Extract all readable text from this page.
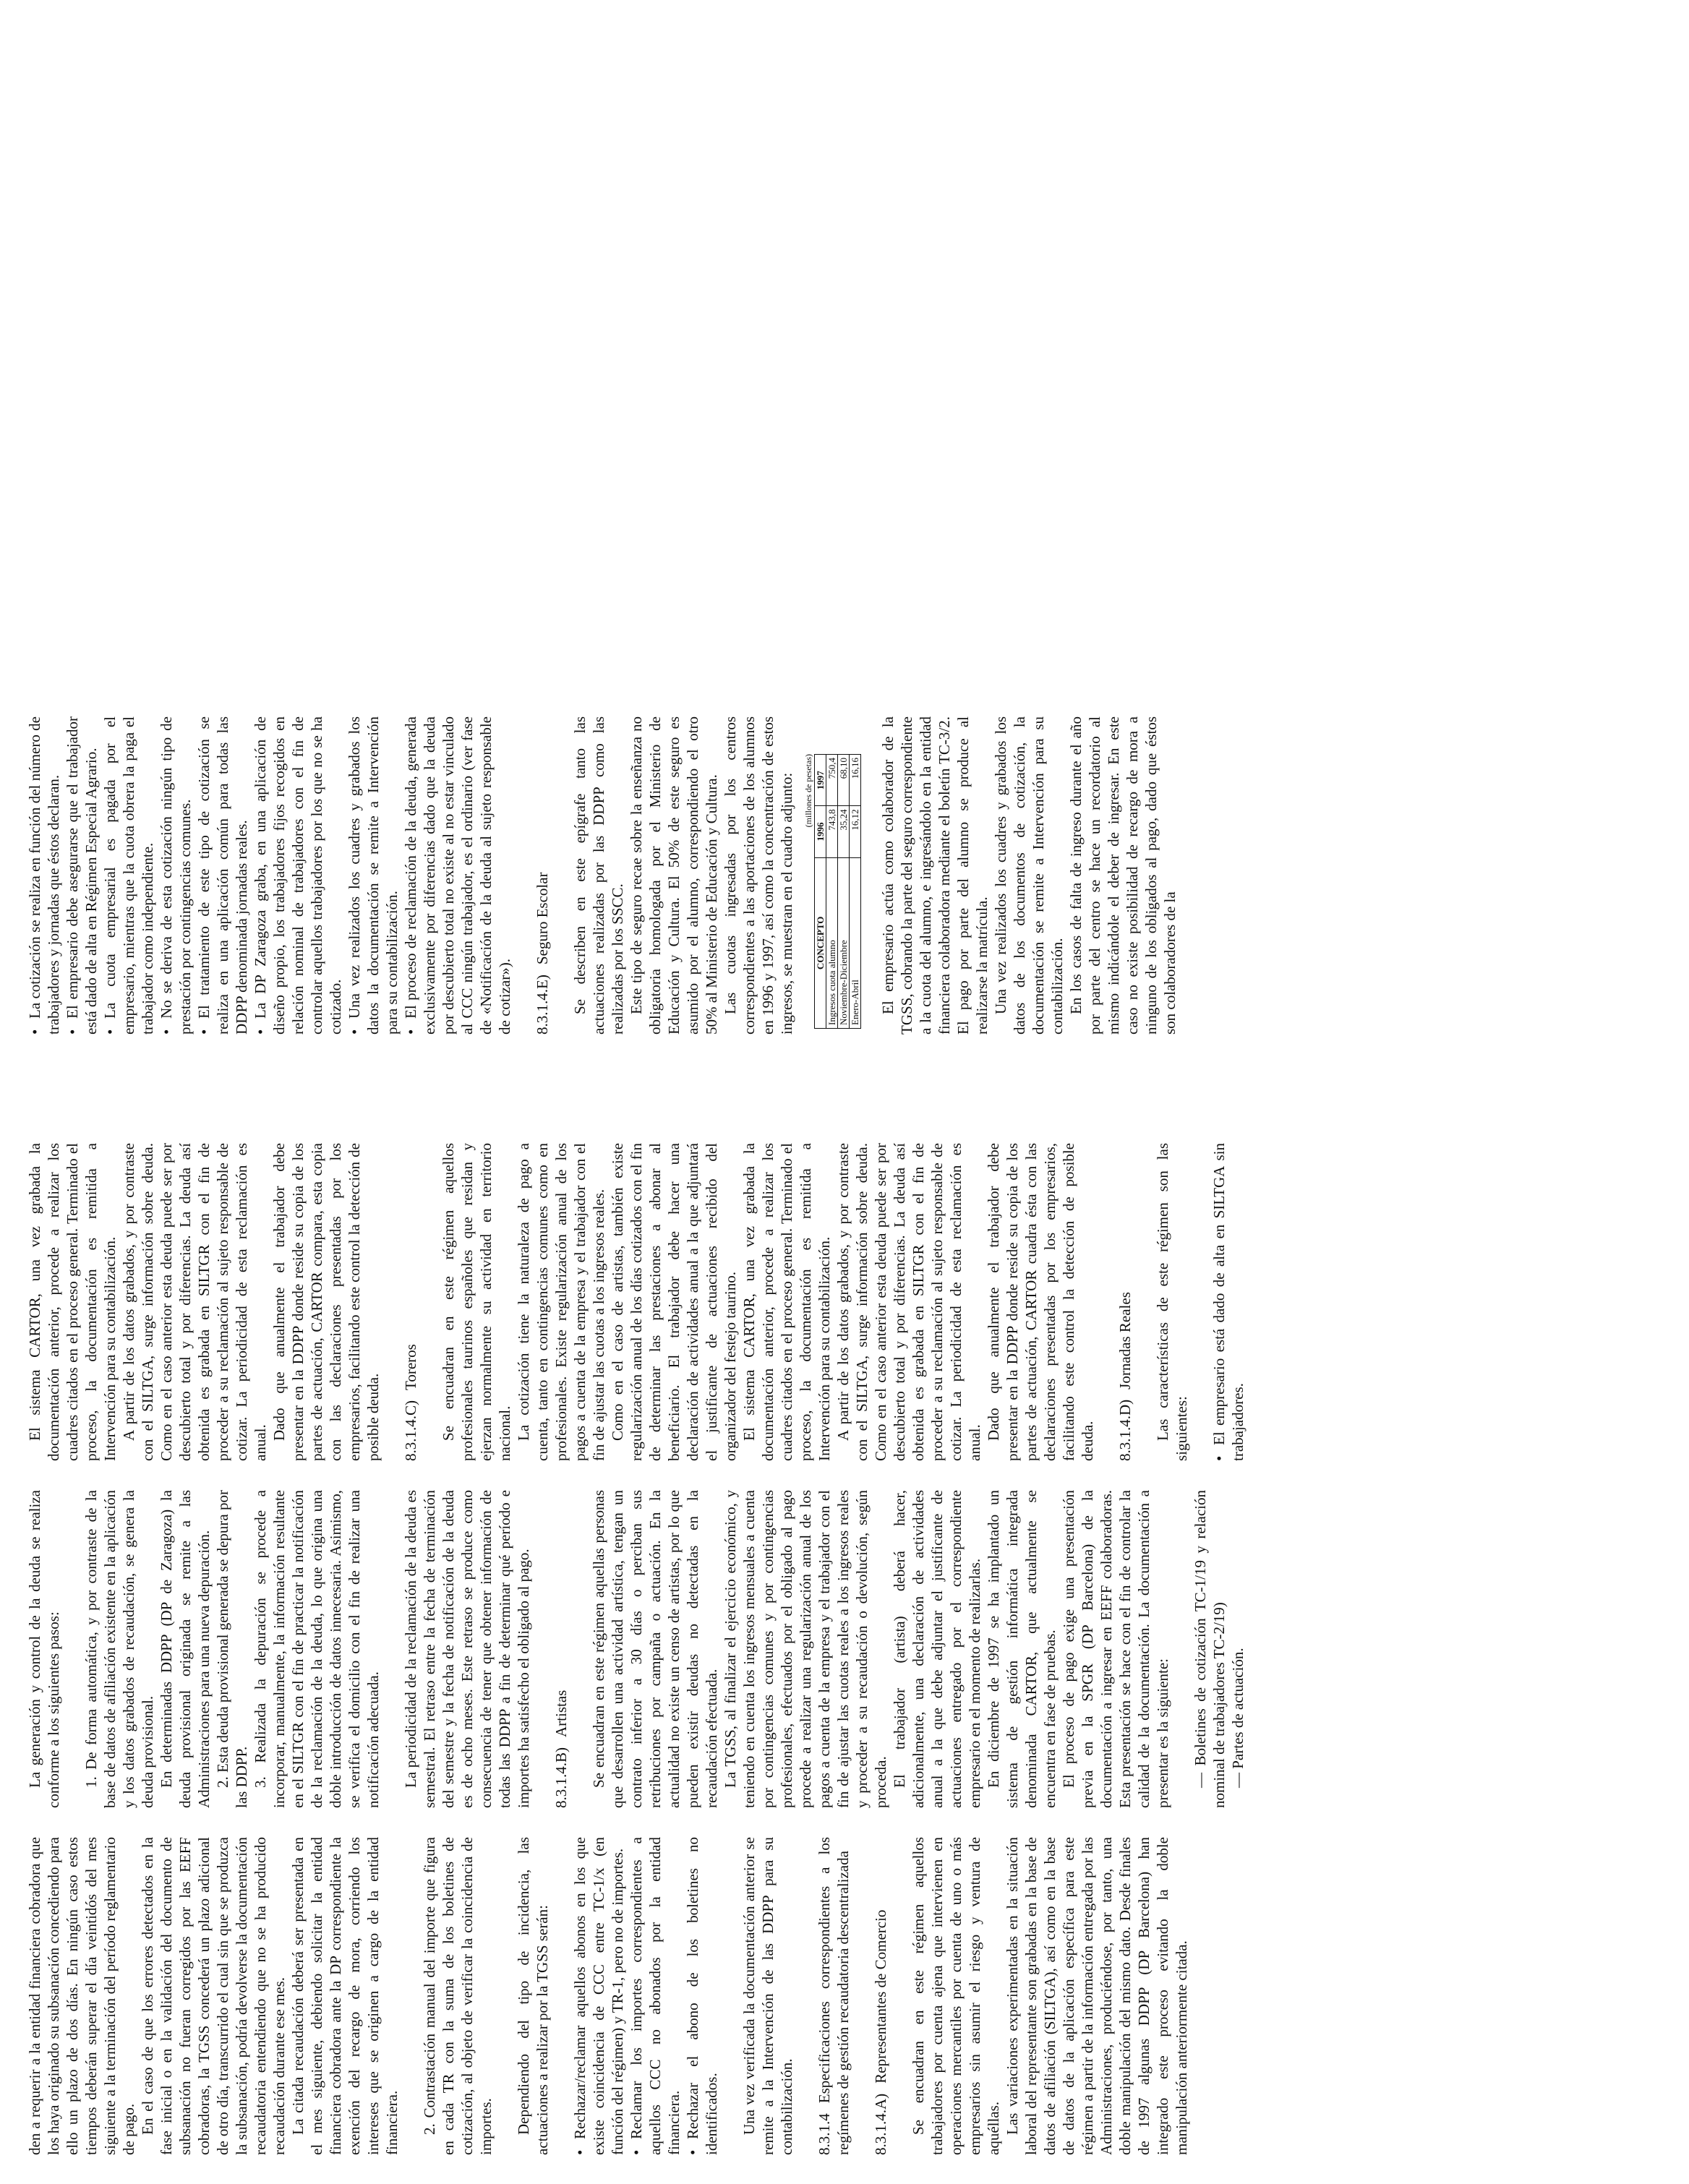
den a requerir a la entidad financiera cobradora que los haya originado su subsanación concediendo para ello un plazo de dos días. En ningún caso estos tiempos deberán superar el día veintidós del mes siguiente a la terminación del período reglamentario de pago. En el caso de que los errores detectados en la fase inicial o en la validación del documento de subsanación no fueran corregidos por las EEFF cobradoras, la TGSS concederá un plazo adicional de otro día, transcurrido el cual sin que se produzca la subsanación, podría devolverse la documentación recaudatoria entendiendo que no se ha producido recaudación durante ese mes. La citada recaudación deberá ser presentada en el mes siguiente, debiendo solicitar la entidad financiera cobradora ante la DP correspondiente la exención del recargo de mora, corriendo los intereses que se originen a cargo de la entidad financiera. 2. Contrastación manual del importe que figura en cada TR con la suma de los boletines de cotización, al objeto de verificar la coincidencia de importes. Dependiendo del tipo de incidencia, las actuaciones a realizar por la TGSS serán: •Rechazar/reclamar aquellos abonos en los que existe coincidencia de CCC entre TC-1/x (en función del régimen) y TR-1, pero no de importes. •Reclamar los importes correspondientes a aquellos CCC no abonados por la entidad financiera. •Rechazar el abono de los boletines no identificados. Una vez verificada la documentación anterior se remite a la Intervención de las DDPP para su contabilización. 8.3.1.4Especificaciones correspondientes a los regímenes de gestión recaudatoria descentralizada 8.3.1.4.A)Representantes de Comercio Se encuadran en este régimen aquellos trabajadores por cuenta ajena que intervienen en operaciones mercantiles por cuenta de uno o más empresarios sin asumir el riesgo y ventura de aquéllas. Las variaciones experimentadas en la situación laboral del representante son grabadas en la base de datos de afiliación (SILTGA), así como en la base de datos de la aplicación específica para este régimen a partir de la información entregada por las Administraciones, produciéndose, por tanto, una doble manipulación del mismo dato. Desde finales de 1997 algunas DDPP (DP Barcelona) han integrado este proceso evitando la doble manipulación anteriormente citada.

La generación y control de la deuda se realiza conforme a los siguientes pasos: 1. De forma automática, y por contraste de la base de datos de afiliación existente en la aplicación y los datos grabados de recaudación, se genera la deuda provisional. En determinadas DDPP (DP de Zaragoza) la deuda provisional originada se remite a las Administraciones para una nueva depuración. 2. Esta deuda provisional generada se depura por las DDPP. 3. Realizada la depuración se procede a incorporar, manualmente, la información resultante en el SILTGR con el fin de practicar la notificación de la reclamación de la deuda, lo que origina una doble introducción de datos innecesaria. Asimismo, se verifica el domicilio con el fin de realizar una notificación adecuada. La periodicidad de la reclamación de la deuda es semestral. El retraso entre la fecha de terminación del semestre y la fecha de notificación de la deuda es de ocho meses. Este retraso se produce como consecuencia de tener que obtener información de todas las DDPP a fin de determinar qué período e importes ha satisfecho el obligado al pago. 8.3.1.4.B)Artistas Se encuadran en este régimen aquellas personas que desarrollen una actividad artística, tengan un contrato inferior a 30 días o perciban sus retribuciones por campaña o actuación. En la actualidad no existe un censo de artistas, por lo que pueden existir deudas no detectadas en la recaudación efectuada. La TGSS, al finalizar el ejercicio económico, y teniendo en cuenta los ingresos mensuales a cuenta por contingencias comunes y por contingencias profesionales, efectuados por el obligado al pago procede a realizar una regularización anual de los pagos a cuenta de la empresa y el trabajador con el fin de ajustar las cuotas reales a los ingresos reales y proceder a su recaudación o devolución, según proceda. El trabajador (artista) deberá hacer, adicionalmente, una declaración de actividades anual a la que debe adjuntar el justificante de actuaciones entregado por el correspondiente empresario en el momento de realizarlas. En diciembre de 1997 se ha implantado un sistema de gestión informática integrada denominada CARTOR, que actualmente se encuentra en fase de pruebas. El proceso de pago exige una presentación previa en la SPGR (DP Barcelona) de la documentación a ingresar en EEFF colaboradoras. Esta presentación se hace con el fin de controlar la calidad de la documentación. La documentación a presentar es la siguiente: — Boletines de cotización TC-1/19 y relación nominal de trabajadores TC-2/19) — Partes de actuación.

El sistema CARTOR, una vez grabada la documentación anterior, procede a realizar los cuadres citados en el proceso general. Terminado el proceso, la documentación es remitida a Intervención para su contabilización. A partir de los datos grabados, y por contraste con el SILTGA, surge información sobre deuda. Como en el caso anterior esta deuda puede ser por descubierto total y por diferencias. La deuda así obtenida es grabada en SILTGR con el fin de proceder a su reclamación al sujeto responsable de cotizar. La periodicidad de esta reclamación es anual.

Dado que anualmente el trabajador debe presentar en la DDPP donde reside su copia de los partes de actuación, CARTOR compara, esta copia con las declaraciones presentadas por los empresarios, facilitando este control la detección de posible deuda. 8.3.1.4.C)Toreros Se encuadran en este régimen aquellos profesionales taurinos españoles que residan y ejerzan normalmente su actividad en territorio nacional. La cotización tiene la naturaleza de pago a cuenta, tanto en contingencias comunes como en profesionales. Existe regularización anual de los pagos a cuenta de la empresa y el trabajador con el fin de ajustar las cuotas a los ingresos reales. Como en el caso de artistas, también existe regularización anual de los días cotizados con el fin de determinar las prestaciones a abonar al beneficiario. El trabajador debe hacer una declaración de actividades anual a la que adjuntará el justificante de actuaciones recibido del organizador del festejo taurino. El sistema CARTOR, una vez grabada la documentación anterior, procede a realizar los cuadres citados en el proceso general. Terminado el proceso, la documentación es remitida a Intervención para su contabilización. A partir de los datos grabados, y por contraste con el SILTGA, surge información sobre deuda. Como en el caso anterior esta deuda puede ser por descubierto total y por diferencias. La deuda así obtenida es grabada en SILTGR con el fin de proceder a su reclamación al sujeto responsable de cotizar. La periodicidad de esta reclamación es anual.

Dado que anualmente el trabajador debe presentar en la DDPP donde reside su copia de los partes de actuación, CARTOR cuadra ésta con las declaraciones presentadas por los empresarios, facilitando este control la detección de posible deuda. 8.3.1.4.D)Jornadas Reales Las características de este régimen son las siguientes: •El empresario está dado de alta en SILTGA sin trabajadores.

•La cotización se realiza en función del número de trabajadores y jornadas que éstos declaran. •El empresario debe asegurarse que el trabajador está dado de alta en Régimen Especial Agrario. •La cuota empresarial es pagada por el empresario, mientras que la cuota obrera la paga el trabajador como independiente. •No se deriva de esta cotización ningún tipo de prestación por contingencias comunes. •El tratamiento de este tipo de cotización se realiza en una aplicación común para todas las DDPP denominada jornadas reales. •La DP Zaragoza graba, en una aplicación de diseño propio, los trabajadores fijos recogidos en relación nominal de trabajadores con el fin de controlar aquellos trabajadores por los que no se ha cotizado. •Una vez realizados los cuadres y grabados los datos la documentación se remite a Intervención para su contabilización. •El proceso de reclamación de la deuda, generada exclusivamente por diferencias dado que la deuda por descubierto total no existe al no estar vinculado al CCC ningún trabajador, es el ordinario (ver fase de «Notificación de la deuda al sujeto responsable de cotizar»). 8.3.1.4.E)Seguro Escolar Se describen en este epígrafe tanto las actuaciones realizadas por las DDPP como las realizadas por los SSCC. Este tipo de seguro recae sobre la enseñanza no obligatoria homologada por el Ministerio de Educación y Cultura. El 50% de este seguro es asumido por el alumno, correspondiendo el otro 50% al Ministerio de Educación y Cultura. Las cuotas ingresadas por los centros correspondientes a las aportaciones de los alumnos en 1996 y 1997, así como la concentración de estos ingresos, se muestran en el cuadro adjunto: (millones de pesetas)
CONCEPTO	1996	1997
Ingresos cuota alumno	743,8	750,4
Noviembre-Diciembre	35,24	68,10
Enero-Abril	16,12	16,16 El empresario actúa como colaborador de la TGSS, cobrando la parte del seguro correspondiente a la cuota del alumno, e ingresándolo en la entidad financiera colaboradora mediante el boletín TC-3/2. El pago por parte del alumno se produce al realizarse la matrícula. Una vez realizados los cuadres y grabados los datos de los documentos de cotización, la documentación se remite a Intervención para su contabilización. En los casos de falta de ingreso durante el año por parte del centro se hace un recordatorio al mismo indicándole el deber de ingresar. En este caso no existe posibilidad de recargo de mora a ninguno de los obligados al pago, dado que éstos son colaboradores de la
